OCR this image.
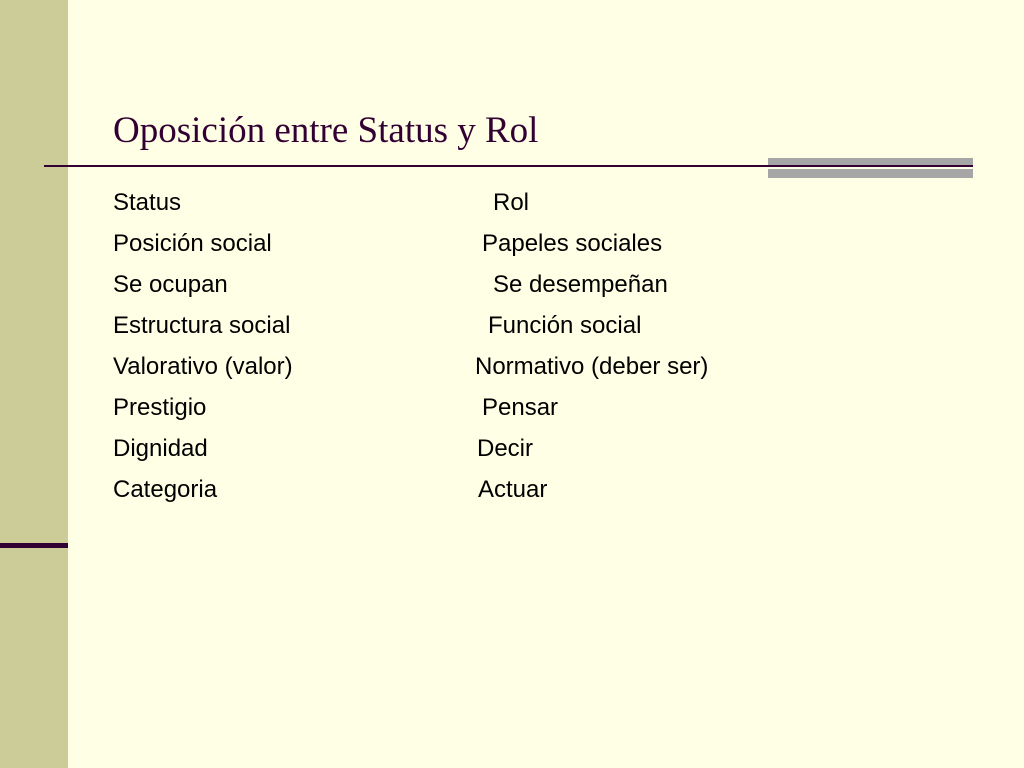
Oposición entre Status y Rol
Status	Rol
Posición social	Papeles sociales
Se ocupan	Se desempeñan
Estructura social	Función social
Valorativo (valor)	Normativo (deber ser)
Prestigio	Pensar
Dignidad	Decir
Categoria	Actuar
